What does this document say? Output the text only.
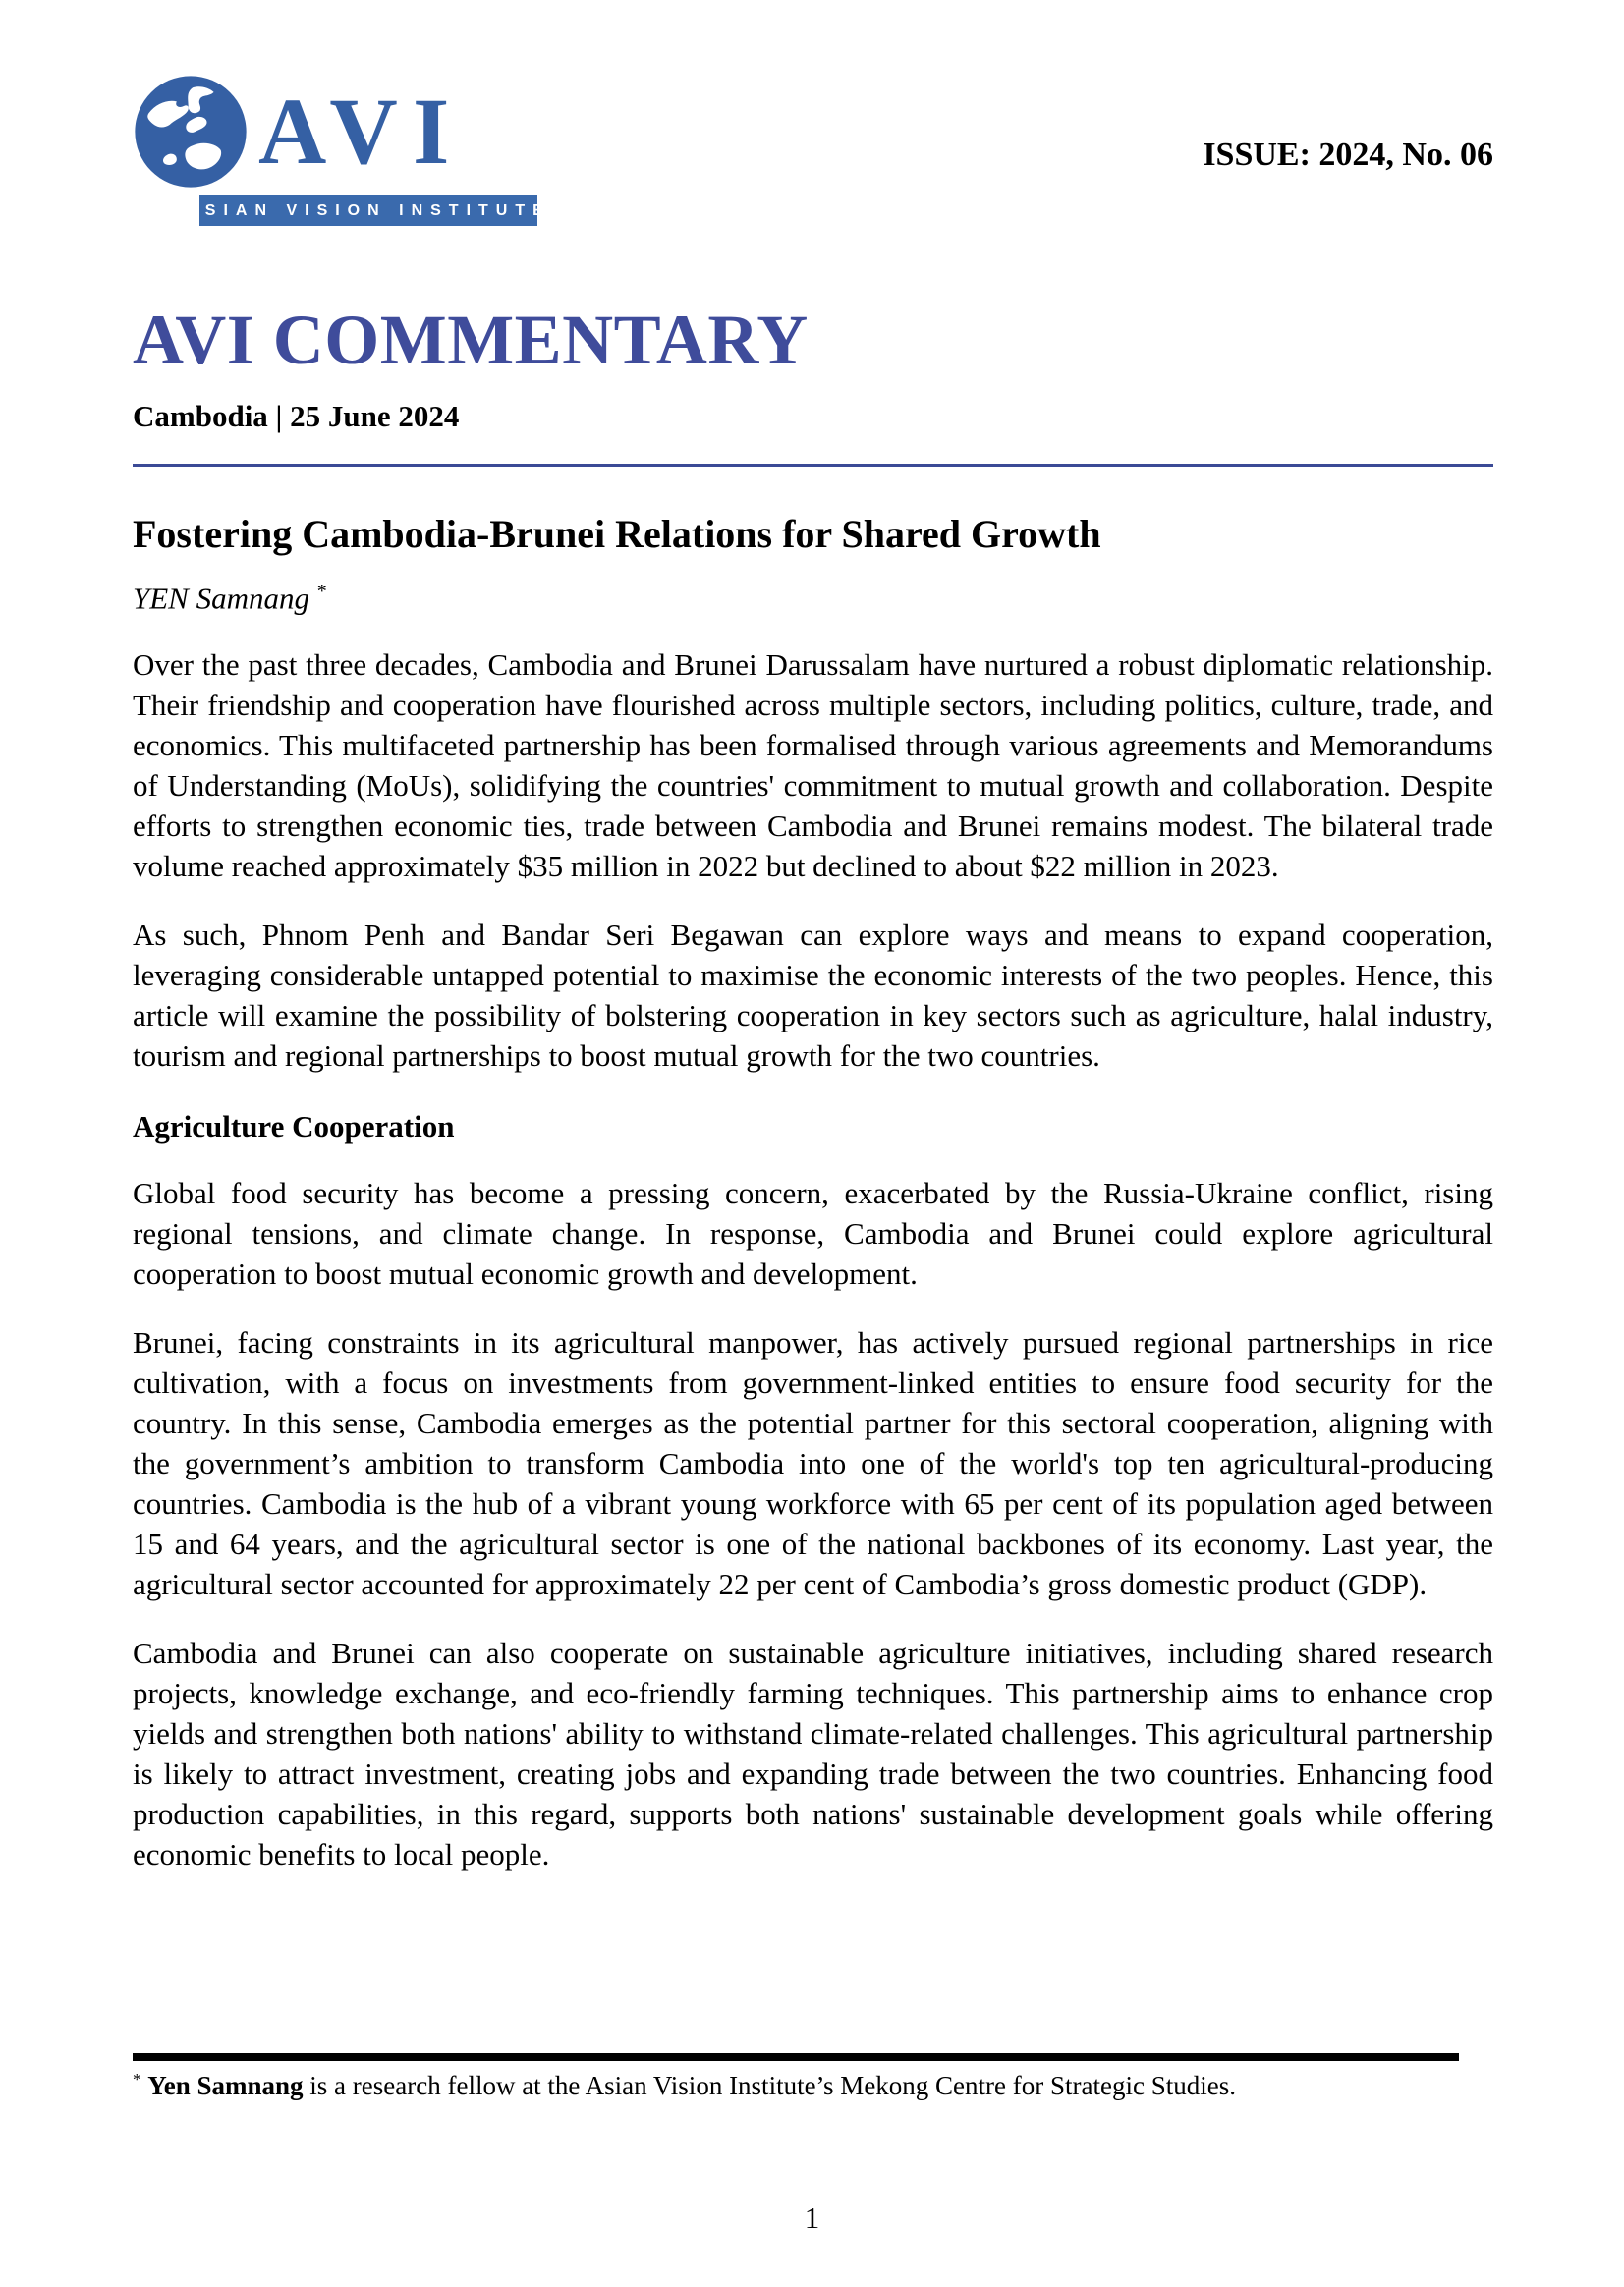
AVI
ASIAN VISION INSTITUTE
ISSUE: 2024, No. 06
AVI COMMENTARY
Cambodia | 25 June 2024
Fostering Cambodia-Brunei Relations for Shared Growth
YEN Samnang *

Over the past three decades, Cambodia and Brunei Darussalam have nurtured a robust diplomatic relationship. Their friendship and cooperation have flourished across multiple sectors, including politics, culture, trade, and economics. This multifaceted partnership has been formalised through various agreements and Memorandums of Understanding (MoUs), solidifying the countries' commitment to mutual growth and collaboration. Despite efforts to strengthen economic ties, trade between Cambodia and Brunei remains modest. The bilateral trade volume reached approximately $35 million in 2022 but declined to about $22 million in 2023.

As such, Phnom Penh and Bandar Seri Begawan can explore ways and means to expand cooperation, leveraging considerable untapped potential to maximise the economic interests of the two peoples. Hence, this article will examine the possibility of bolstering cooperation in key sectors such as agriculture, halal industry, tourism and regional partnerships to boost mutual growth for the two countries.

Agriculture Cooperation

Global food security has become a pressing concern, exacerbated by the Russia-Ukraine conflict, rising regional tensions, and climate change. In response, Cambodia and Brunei could explore agricultural cooperation to boost mutual economic growth and development.

Brunei, facing constraints in its agricultural manpower, has actively pursued regional partnerships in rice cultivation, with a focus on investments from government-linked entities to ensure food security for the country. In this sense, Cambodia emerges as the potential partner for this sectoral cooperation, aligning with the government’s ambition to transform Cambodia into one of the world's top ten agricultural-producing countries. Cambodia is the hub of a vibrant young workforce with 65 per cent of its population aged between 15 and 64 years, and the agricultural sector is one of the national backbones of its economy. Last year, the agricultural sector accounted for approximately 22 per cent of Cambodia’s gross domestic product (GDP).

Cambodia and Brunei can also cooperate on sustainable agriculture initiatives, including shared research projects, knowledge exchange, and eco-friendly farming techniques. This partnership aims to enhance crop yields and strengthen both nations' ability to withstand climate-related challenges. This agricultural partnership is likely to attract investment, creating jobs and expanding trade between the two countries. Enhancing food production capabilities, in this regard, supports both nations' sustainable development goals while offering economic benefits to local people.

* Yen Samnang is a research fellow at the Asian Vision Institute’s Mekong Centre for Strategic Studies.
1
